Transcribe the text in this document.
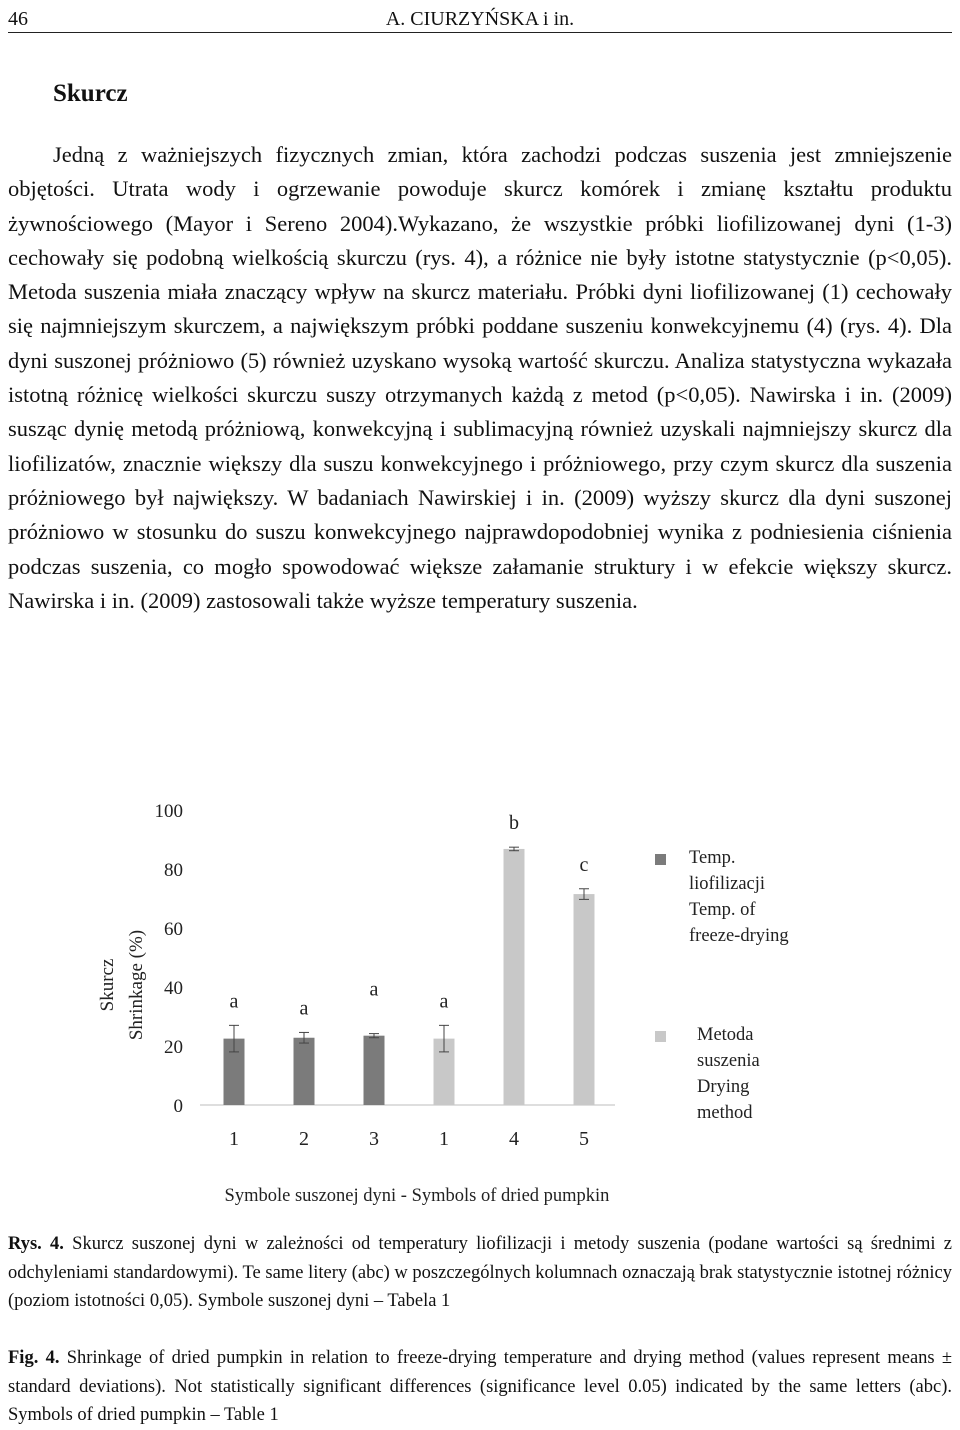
46	A. CIURZYŃSKA i in.
Skurcz
Jedną z ważniejszych fizycznych zmian, która zachodzi podczas suszenia jest zmniejszenie objętości. Utrata wody i ogrzewanie powoduje skurcz komórek i zmianę kształtu produktu żywnościowego (Mayor i Sereno 2004).Wykazano, że wszystkie próbki liofilizowanej dyni (1-3) cechowały się podobną wielkością skurczu (rys. 4), a różnice nie były istotne statystycznie (p<0,05). Metoda suszenia miała znaczący wpływ na skurcz materiału. Próbki dyni liofilizowanej (1) cechowały się najmniejszym skurczem, a największym próbki poddane suszeniu konwekcyjnemu (4) (rys. 4). Dla dyni suszonej próżniowo (5) również uzyskano wysoką wartość skurczu. Analiza statystyczna wykazała istotną różnicę wielkości skurczu suszy otrzymanych każdą z metod (p<0,05). Nawirska i in. (2009) susząc dynię metodą próżniową, konwekcyjną i sublimacyjną również uzyskali najmniejszy skurcz dla liofilizatów, znacznie większy dla suszu konwekcyjnego i próżniowego, przy czym skurcz dla suszenia próżniowego był największy. W badaniach Nawirskiej i in. (2009) wyższy skurcz dla dyni suszonej próżniowo w stosunku do suszu konwekcyjnego najprawdopodobniej wynika z podniesienia ciśnienia podczas suszenia, co mogło spowodować większe załamanie struktury i w efekcie większy skurcz. Nawirska i in. (2009) zastosowali także wyższe temperatury suszenia.
0
20
40
60
80
100
Skurcz Shrinkage (%)	a
1
a
2
a
3
a
1
b
4
c
5
Symbole suszonej dyni - Symbols of dried pumpkin
Temp.
liofilizacji
Temp. of
freeze-drying
Metoda
suszenia
Drying
method
Rys. 4. Skurcz suszonej dyni w zależności od temperatury liofilizacji i metody suszenia (podane wartości są średnimi z odchyleniami standardowymi). Te same litery (abc) w poszczególnych kolumnach oznaczają brak statystycznie istotnej różnicy (poziom istotności 0,05). Symbole suszonej dyni – Tabela 1
Fig. 4. Shrinkage of dried pumpkin in relation to freeze-drying temperature and drying method (values represent means ± standard deviations). Not statistically significant differences (significance level 0.05) indicated by the same letters (abc). Symbols of dried pumpkin – Table 1
